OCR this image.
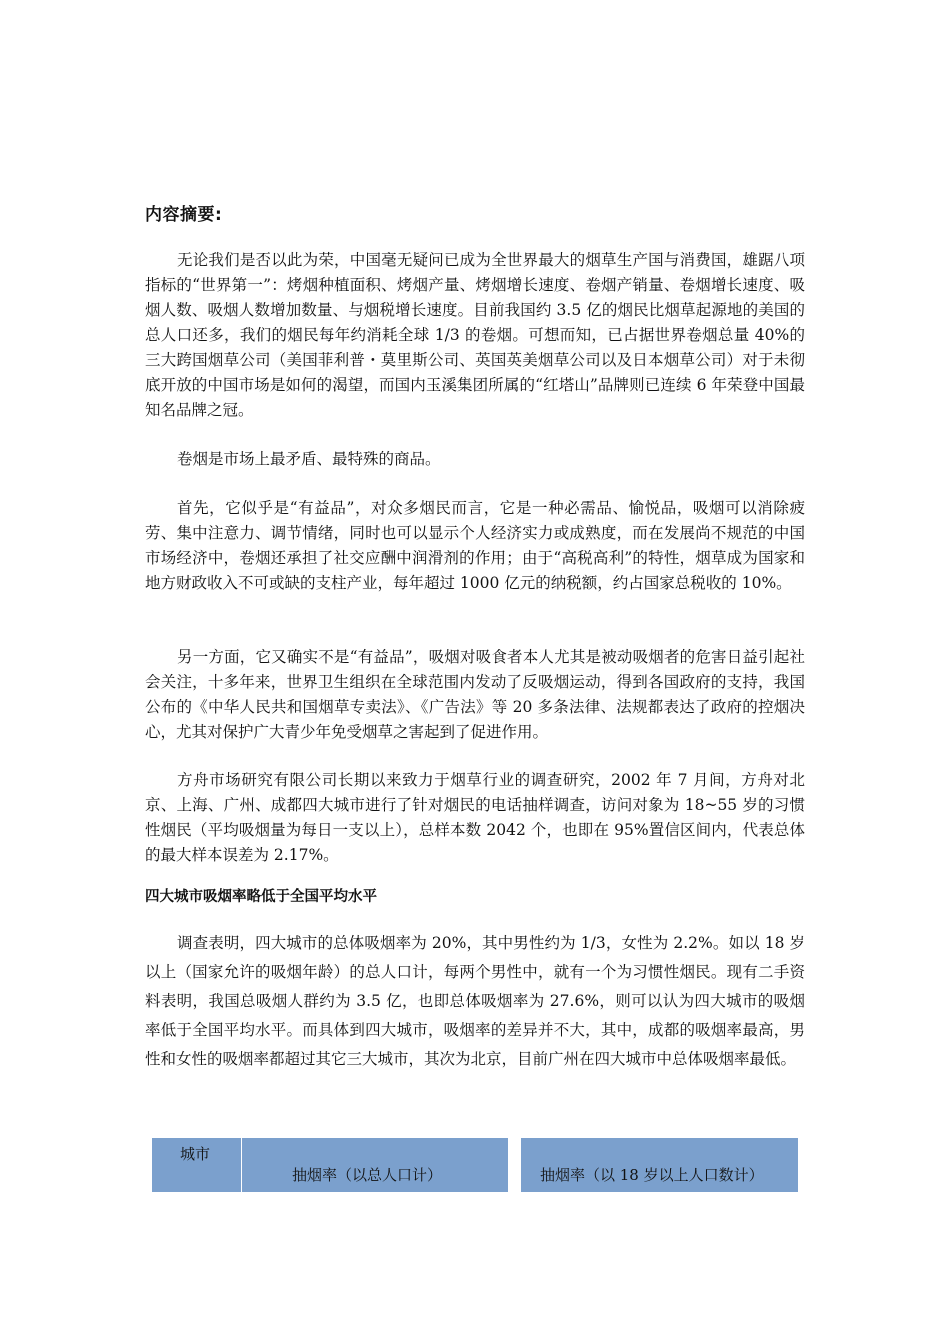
内容摘要:

无论我们是否以此为荣，中国毫无疑问已成为全世界最大的烟草生产国与消费国，雄踞八项指标的“世界第一”：烤烟种植面积、烤烟产量、烤烟增长速度、卷烟产销量、卷烟增长速度、吸烟人数、吸烟人数增加数量、与烟税增长速度。目前我国约 3.5 亿的烟民比烟草起源地的美国的总人口还多，我们的烟民每年约消耗全球 1/3 的卷烟。可想而知，已占据世界卷烟总量 40%的三大跨国烟草公司（美国菲利普・莫里斯公司、英国英美烟草公司以及日本烟草公司）对于未彻底开放的中国市场是如何的渴望，而国内玉溪集团所属的“红塔山”品牌则已连续 6 年荣登中国最知名品牌之冠。

卷烟是市场上最矛盾、最特殊的商品。

首先，它似乎是“有益品”，对众多烟民而言，它是一种必需品、愉悦品，吸烟可以消除疲劳、集中注意力、调节情绪，同时也可以显示个人经济实力或成熟度，而在发展尚不规范的中国市场经济中，卷烟还承担了社交应酬中润滑剂的作用；由于“高税高利”的特性，烟草成为国家和地方财政收入不可或缺的支柱产业，每年超过 1000 亿元的纳税额，约占国家总税收的 10%。

另一方面，它又确实不是“有益品”，吸烟对吸食者本人尤其是被动吸烟者的危害日益引起社会关注，十多年来，世界卫生组织在全球范围内发动了反吸烟运动，得到各国政府的支持，我国公布的《中华人民共和国烟草专卖法》、《广告法》等 20 多条法律、法规都表达了政府的控烟决心，尤其对保护广大青少年免受烟草之害起到了促进作用。

方舟市场研究有限公司长期以来致力于烟草行业的调查研究，2002 年 7 月间，方舟对北京、上海、广州、成都四大城市进行了针对烟民的电话抽样调查，访问对象为 18~55 岁的习惯性烟民（平均吸烟量为每日一支以上），总样本数 2042 个，也即在 95%置信区间内，代表总体的最大样本误差为 2.17%。

四大城市吸烟率略低于全国平均水平

调查表明，四大城市的总体吸烟率为 20%，其中男性约为 1/3，女性为 2.2%。如以 18 岁以上（国家允许的吸烟年龄）的总人口计，每两个男性中，就有一个为习惯性烟民。现有二手资料表明，我国总吸烟人群约为 3.5 亿，也即总体吸烟率为 27.6%，则可以认为四大城市的吸烟率低于全国平均水平。而具体到四大城市，吸烟率的差异并不大，其中，成都的吸烟率最高，男性和女性的吸烟率都超过其它三大城市，其次为北京，目前广州在四大城市中总体吸烟率最低。

城市
抽烟率（以总人口计）	抽烟率（以 18 岁以上人口数计）
